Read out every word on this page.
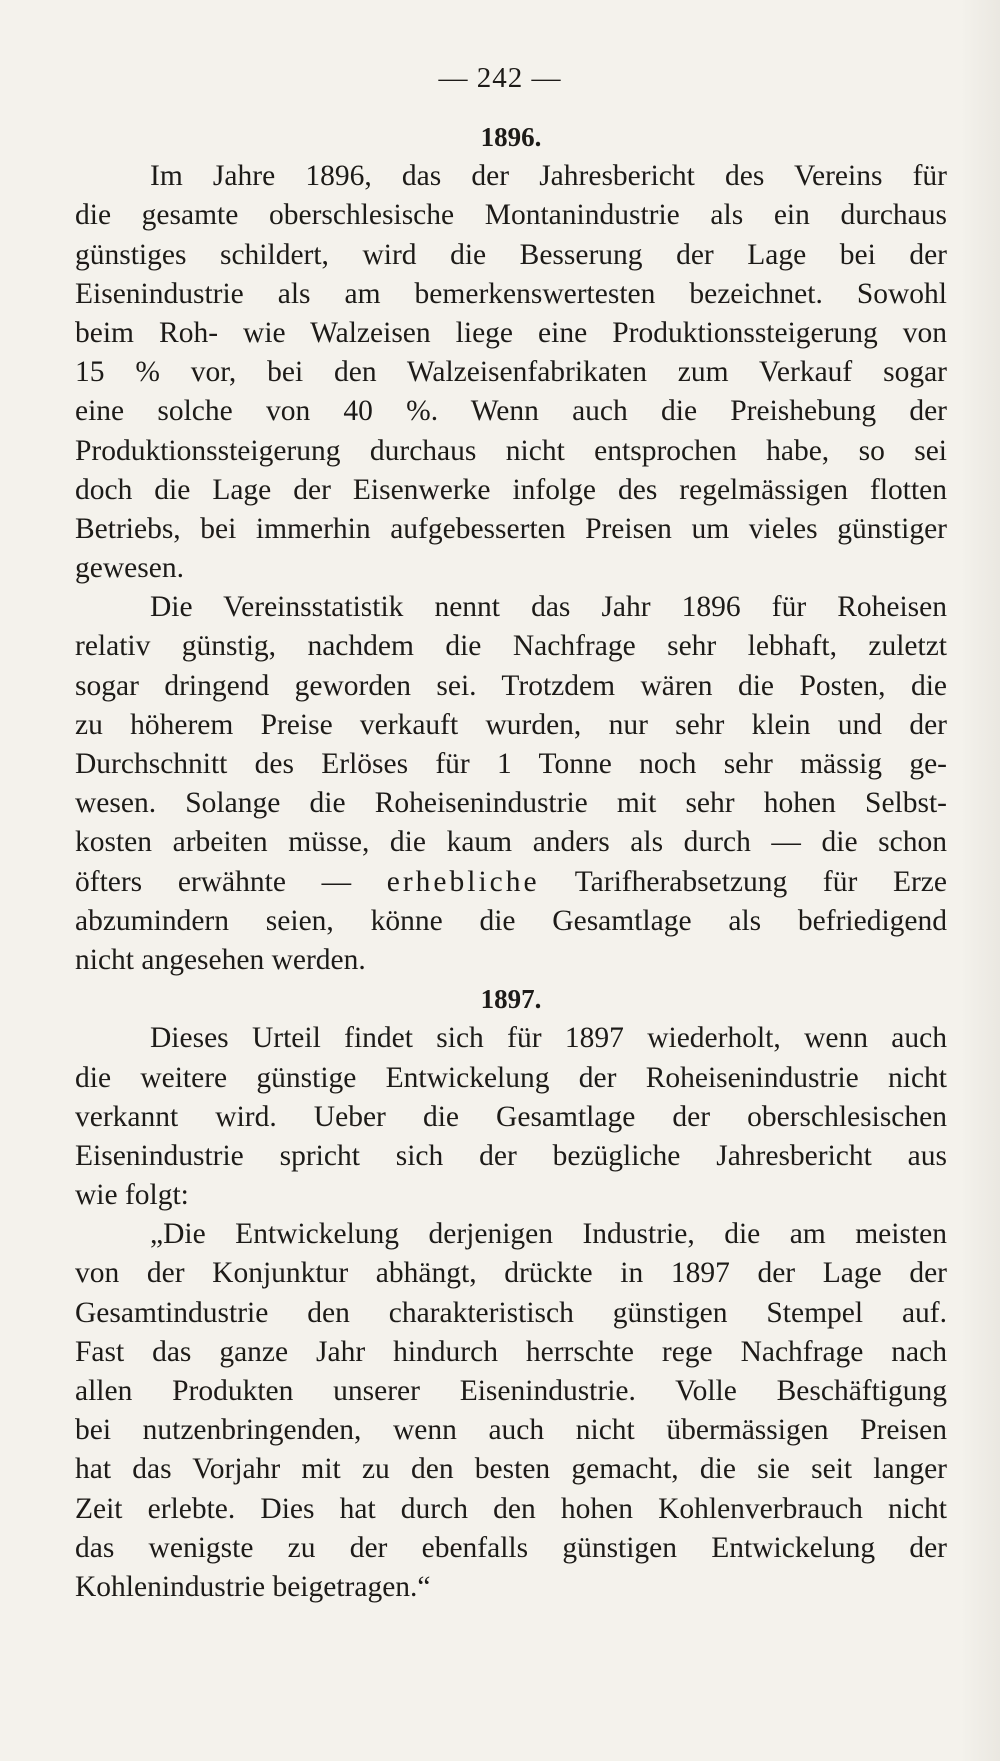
— 242 —
1896.
Im Jahre 1896, das der Jahresbericht des Vereins für
die gesamte oberschlesische Montanindustrie als ein durchaus
günstiges schildert, wird die Besserung der Lage bei der
Eisenindustrie als am bemerkenswertesten bezeichnet. Sowohl
beim Roh- wie Walzeisen liege eine Produktionssteigerung von
15 % vor, bei den Walzeisenfabrikaten zum Verkauf sogar
eine solche von 40 %. Wenn auch die Preishebung der
Produktionssteigerung durchaus nicht entsprochen habe, so sei
doch die Lage der Eisenwerke infolge des regelmässigen flotten
Betriebs, bei immerhin aufgebesserten Preisen um vieles günstiger
gewesen.
Die Vereinsstatistik nennt das Jahr 1896 für Roheisen
relativ günstig, nachdem die Nachfrage sehr lebhaft, zuletzt
sogar dringend geworden sei. Trotzdem wären die Posten, die
zu höherem Preise verkauft wurden, nur sehr klein und der
Durchschnitt des Erlöses für 1 Tonne noch sehr mässig ge-
wesen. Solange die Roheisenindustrie mit sehr hohen Selbst-
kosten arbeiten müsse, die kaum anders als durch — die schon
öfters erwähnte — erhebliche Tarifherabsetzung für Erze
abzumindern seien, könne die Gesamtlage als befriedigend
nicht angesehen werden.
1897.
Dieses Urteil findet sich für 1897 wiederholt, wenn auch
die weitere günstige Entwickelung der Roheisenindustrie nicht
verkannt wird. Ueber die Gesamtlage der oberschlesischen
Eisenindustrie spricht sich der bezügliche Jahresbericht aus
wie folgt:
„Die Entwickelung derjenigen Industrie, die am meisten
von der Konjunktur abhängt, drückte in 1897 der Lage der
Gesamtindustrie den charakteristisch günstigen Stempel auf.
Fast das ganze Jahr hindurch herrschte rege Nachfrage nach
allen Produkten unserer Eisenindustrie. Volle Beschäftigung
bei nutzenbringenden, wenn auch nicht übermässigen Preisen
hat das Vorjahr mit zu den besten gemacht, die sie seit langer
Zeit erlebte. Dies hat durch den hohen Kohlenverbrauch nicht
das wenigste zu der ebenfalls günstigen Entwickelung der
Kohlenindustrie beigetragen.“
